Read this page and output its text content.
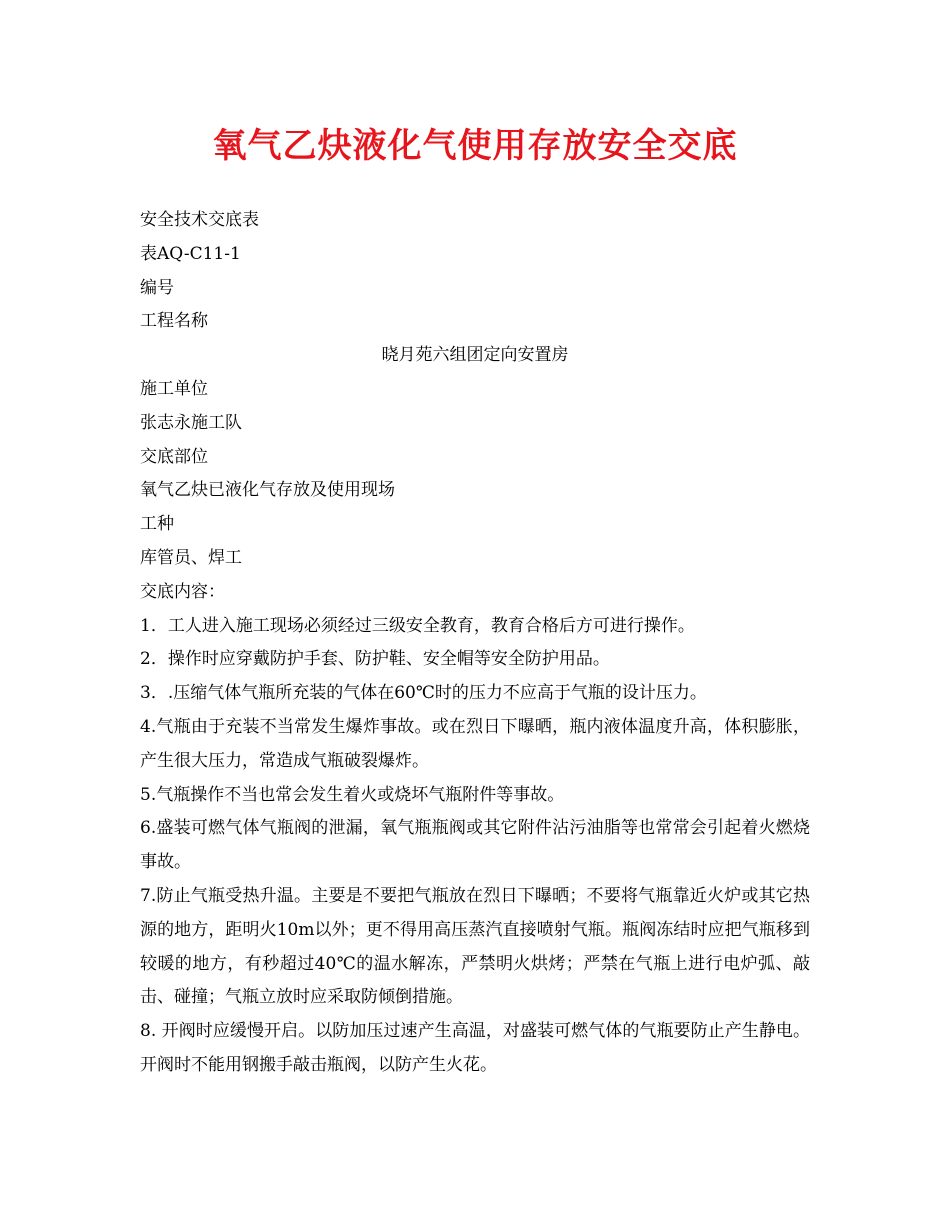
氧气乙炔液化气使用存放安全交底

安全技术交底表

表AQ-C11-1

编号

工程名称

晓月苑六组团定向安置房

施工单位

张志永施工队

交底部位

氧气乙炔已液化气存放及使用现场

工种

库管员、焊工

交底内容：

1．工人进入施工现场必须经过三级安全教育，教育合格后方可进行操作。

2．操作时应穿戴防护手套、防护鞋、安全帽等安全防护用品。

3．.压缩气体气瓶所充装的气体在60℃时的压力不应高于气瓶的设计压力。

4.气瓶由于充装不当常发生爆炸事故。或在烈日下曝晒，瓶内液体温度升高，体积膨胀，产生很大压力，常造成气瓶破裂爆炸。

5.气瓶操作不当也常会发生着火或烧坏气瓶附件等事故。

6.盛装可燃气体气瓶阀的泄漏，氧气瓶瓶阀或其它附件沾污油脂等也常常会引起着火燃烧事故。

7.防止气瓶受热升温。主要是不要把气瓶放在烈日下曝晒；不要将气瓶靠近火炉或其它热源的地方，距明火10m以外；更不得用高压蒸汽直接喷射气瓶。瓶阀冻结时应把气瓶移到较暖的地方，有秒超过40℃的温水解冻，严禁明火烘烤；严禁在气瓶上进行电炉弧、敲击、碰撞；气瓶立放时应采取防倾倒措施。

8. 开阀时应缓慢开启。以防加压过速产生高温，对盛装可燃气体的气瓶要防止产生静电。开阀时不能用钢搬手敲击瓶阀，以防产生火花。
